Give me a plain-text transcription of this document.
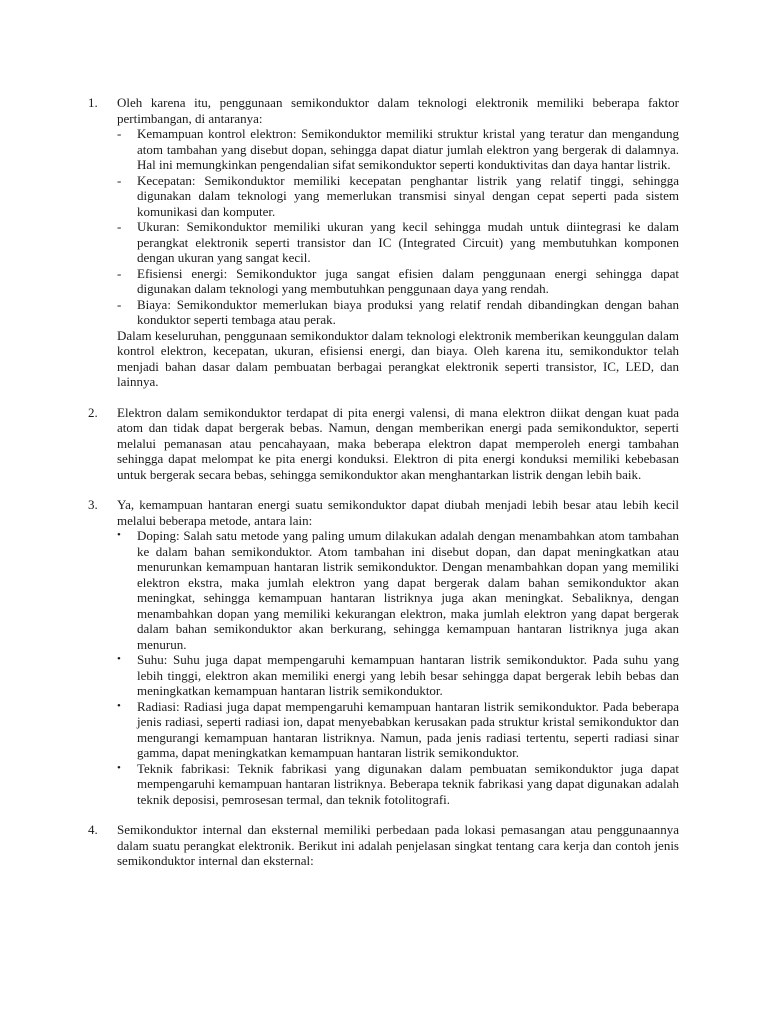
1. Oleh karena itu, penggunaan semikonduktor dalam teknologi elektronik memiliki beberapa faktor pertimbangan, di antaranya:

- Kemampuan kontrol elektron: Semikonduktor memiliki struktur kristal yang teratur dan mengandung atom tambahan yang disebut dopan, sehingga dapat diatur jumlah elektron yang bergerak di dalamnya. Hal ini memungkinkan pengendalian sifat semikonduktor seperti konduktivitas dan daya hantar listrik.
- Kecepatan: Semikonduktor memiliki kecepatan penghantar listrik yang relatif tinggi, sehingga digunakan dalam teknologi yang memerlukan transmisi sinyal dengan cepat seperti pada sistem komunikasi dan komputer.
- Ukuran: Semikonduktor memiliki ukuran yang kecil sehingga mudah untuk diintegrasi ke dalam perangkat elektronik seperti transistor dan IC (Integrated Circuit) yang membutuhkan komponen dengan ukuran yang sangat kecil.
- Efisiensi energi: Semikonduktor juga sangat efisien dalam penggunaan energi sehingga dapat digunakan dalam teknologi yang membutuhkan penggunaan daya yang rendah.
- Biaya: Semikonduktor memerlukan biaya produksi yang relatif rendah dibandingkan dengan bahan konduktor seperti tembaga atau perak.

Dalam keseluruhan, penggunaan semikonduktor dalam teknologi elektronik memberikan keunggulan dalam kontrol elektron, kecepatan, ukuran, efisiensi energi, dan biaya. Oleh karena itu, semikonduktor telah menjadi bahan dasar dalam pembuatan berbagai perangkat elektronik seperti transistor, IC, LED, dan lainnya.

2. Elektron dalam semikonduktor terdapat di pita energi valensi, di mana elektron diikat dengan kuat pada atom dan tidak dapat bergerak bebas. Namun, dengan memberikan energi pada semikonduktor, seperti melalui pemanasan atau pencahayaan, maka beberapa elektron dapat memperoleh energi tambahan sehingga dapat melompat ke pita energi konduksi. Elektron di pita energi konduksi memiliki kebebasan untuk bergerak secara bebas, sehingga semikonduktor akan menghantarkan listrik dengan lebih baik.

3. Ya, kemampuan hantaran energi suatu semikonduktor dapat diubah menjadi lebih besar atau lebih kecil melalui beberapa metode, antara lain:

• Doping: Salah satu metode yang paling umum dilakukan adalah dengan menambahkan atom tambahan ke dalam bahan semikonduktor. Atom tambahan ini disebut dopan, dan dapat meningkatkan atau menurunkan kemampuan hantaran listrik semikonduktor. Dengan menambahkan dopan yang memiliki elektron ekstra, maka jumlah elektron yang dapat bergerak dalam bahan semikonduktor akan meningkat, sehingga kemampuan hantaran listriknya juga akan meningkat. Sebaliknya, dengan menambahkan dopan yang memiliki kekurangan elektron, maka jumlah elektron yang dapat bergerak dalam bahan semikonduktor akan berkurang, sehingga kemampuan hantaran listriknya juga akan menurun.
• Suhu: Suhu juga dapat mempengaruhi kemampuan hantaran listrik semikonduktor. Pada suhu yang lebih tinggi, elektron akan memiliki energi yang lebih besar sehingga dapat bergerak lebih bebas dan meningkatkan kemampuan hantaran listrik semikonduktor.
• Radiasi: Radiasi juga dapat mempengaruhi kemampuan hantaran listrik semikonduktor. Pada beberapa jenis radiasi, seperti radiasi ion, dapat menyebabkan kerusakan pada struktur kristal semikonduktor dan mengurangi kemampuan hantaran listriknya. Namun, pada jenis radiasi tertentu, seperti radiasi sinar gamma, dapat meningkatkan kemampuan hantaran listrik semikonduktor.
• Teknik fabrikasi: Teknik fabrikasi yang digunakan dalam pembuatan semikonduktor juga dapat mempengaruhi kemampuan hantaran listriknya. Beberapa teknik fabrikasi yang dapat digunakan adalah teknik deposisi, pemrosesan termal, dan teknik fotolitografi.
4. Semikonduktor internal dan eksternal memiliki perbedaan pada lokasi pemasangan atau penggunaannya dalam suatu perangkat elektronik. Berikut ini adalah penjelasan singkat tentang cara kerja dan contoh jenis semikonduktor internal dan eksternal:
